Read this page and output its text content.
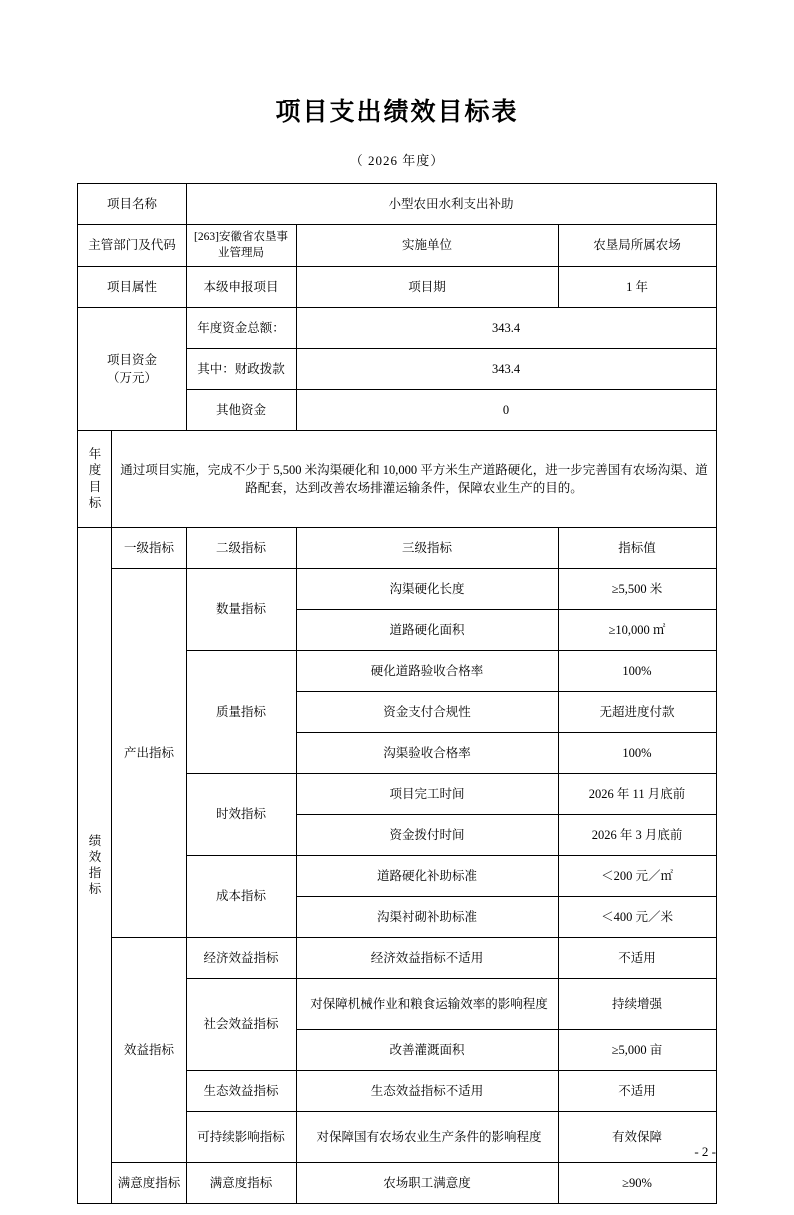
项目支出绩效目标表
（ 2026 年度）
项目名称		小型农田水利支出补助		
主管部门及代码		[263]安徽省农垦事业管理局	实施单位	农垦局所属农场
项目属性		本级申报项目	项目期	1 年

项目资金
（万元）		年度资金总额：	343.4	
		其中：财政拨款	343.4	
		其他资金	0	
年度目标	通过项目实施，完成不少于 5,500 米沟渠硬化和 10,000 平方米生产道路硬化，进一步完善国有农场沟渠、道路配套，达到改善农场排灌运输条件，保障农业生产的目的。			
绩效指标	一级指标	二级指标	三级指标	指标值
	产出指标	数量指标	沟渠硬化长度	≥5,500 米
			道路硬化面积	≥10,000 ㎡
		质量指标	硬化道路验收合格率	100%
			资金支付合规性	无超进度付款
			沟渠验收合格率	100%
		时效指标	项目完工时间	2026 年 11 月底前
			资金拨付时间	2026 年 3 月底前
		成本指标	道路硬化补助标准	＜200 元／㎡
			沟渠衬砌补助标准	＜400 元／米
	效益指标	经济效益指标	经济效益指标不适用	不适用
		社会效益指标	对保障机械作业和粮食运输效率的影响程度	持续增强
			改善灌溉面积	≥5,000 亩
		生态效益指标	生态效益指标不适用	不适用
		可持续影响指标	对保障国有农场农业生产条件的影响程度	有效保障
	满意度指标	满意度指标	农场职工满意度	≥90%
- 2 -
